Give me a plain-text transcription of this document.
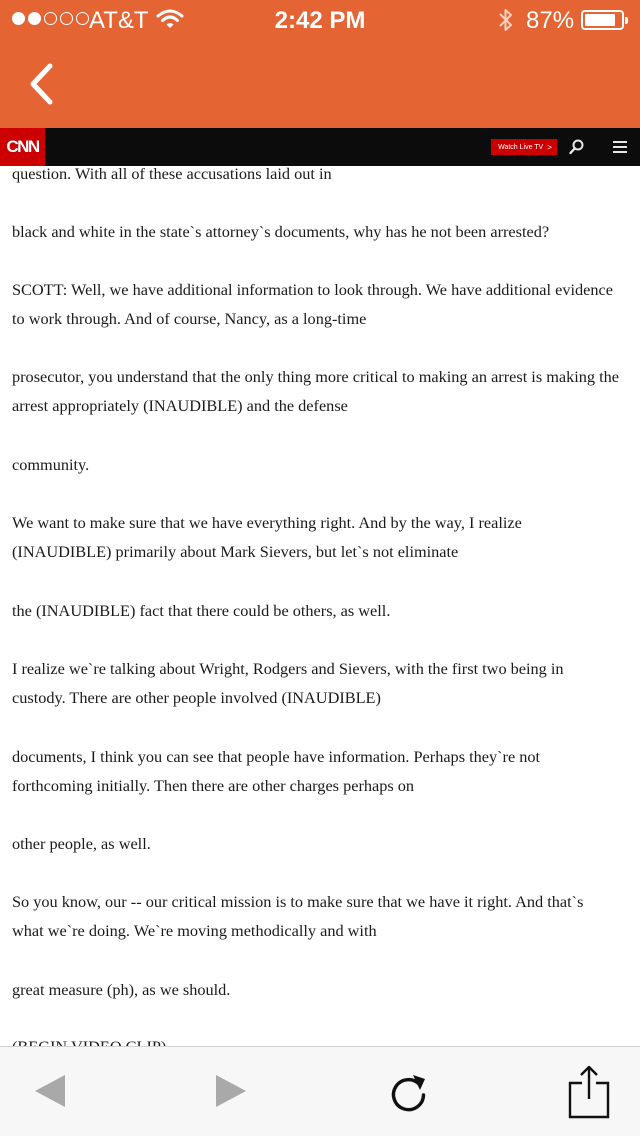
AT&T	2:42 PM	87%
CNN	Watch Live TV >
question. With all of these accusations laid out in
black and white in the state`s attorney`s documents, why has he not been arrested?
SCOTT: Well, we have additional information to look through. We have additional evidence
to work through. And of course, Nancy, as a long-time
prosecutor, you understand that the only thing more critical to making an arrest is making the
arrest appropriately (INAUDIBLE) and the defense
community.
We want to make sure that we have everything right. And by the way, I realize
(INAUDIBLE) primarily about Mark Sievers, but let`s not eliminate
the (INAUDIBLE) fact that there could be others, as well.
I realize we`re talking about Wright, Rodgers and Sievers, with the first two being in
custody. There are other people involved (INAUDIBLE)
documents, I think you can see that people have information. Perhaps they`re not
forthcoming initially. Then there are other charges perhaps on
other people, as well.
So you know, our -- our critical mission is to make sure that we have it right. And that`s
what we`re doing. We`re moving methodically and with
great measure (ph), as we should.
